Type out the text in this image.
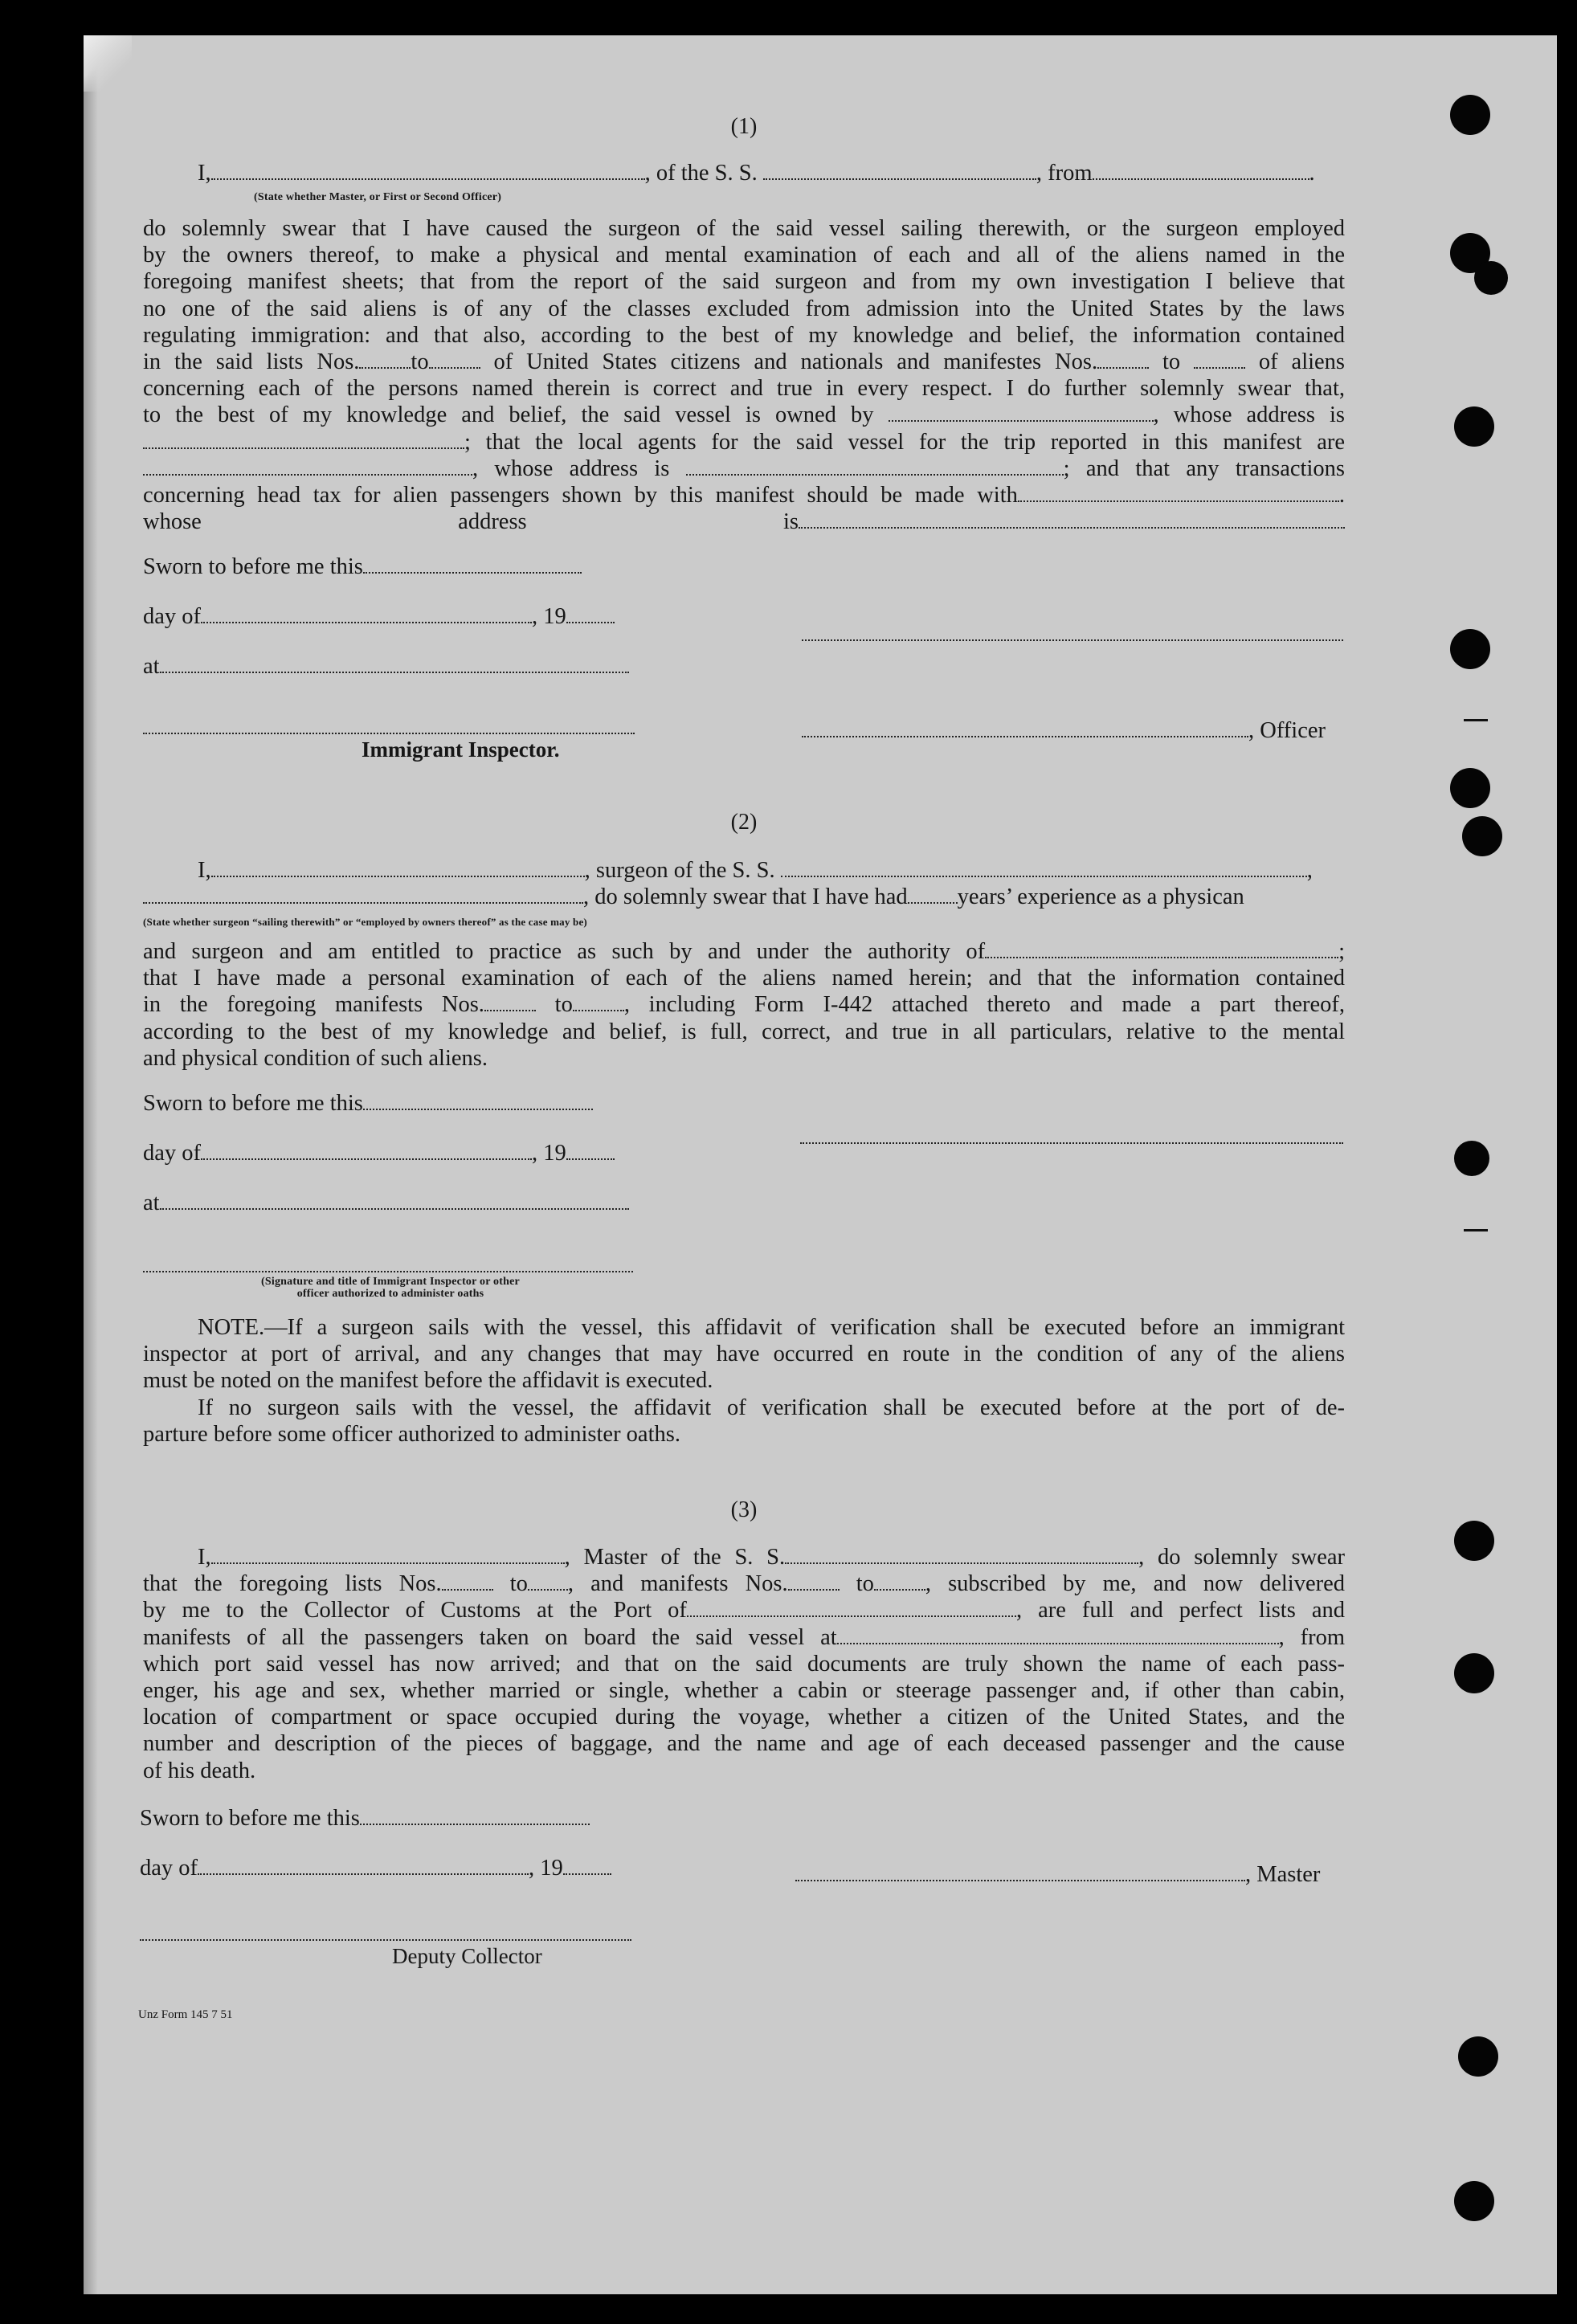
(1)
I,	, of the S. S.	, from	.
(State whether Master, or First or Second Officer)
do solemnly swear that I have caused the surgeon of the said vessel sailing therewith, or the surgeon employed
by the owners thereof, to make a physical and mental examination of each and all of the aliens named in the
foregoing manifest sheets; that from the report of the said surgeon and from my own investigation I believe that
no one of the said aliens is of any of the classes excluded from admission into the United States by the laws
regulating immigration: and that also, according to the best of my knowledge and belief, the information contained
in the said lists Nos. to	of United States citizens and nationals and manifestes Nos.	to	of aliens
concerning each of the persons named therein is correct and true in every respect. I do further solemnly swear that,
to the best of my knowledge and belief, the said vessel is owned by	, whose address is
; that the local agents for the said vessel for the trip reported in this manifest are
, whose address is	; and that any transactions
concerning head tax for alien passengers shown by this manifest should be made with	.
whose address is
Sworn to before me this
day of	, 19
at
, Officer
Immigrant Inspector.
(2)
I,	, surgeon of the S. S.	,
, do solemnly swear that I have had years’ experience as a physican
(State whether surgeon “sailing therewith” or “employed by owners thereof” as the case may be)
and surgeon and am entitled to practice as such by and under the authority of	;
that I have made a personal examination of each of the aliens named herein; and that the information contained
in the foregoing manifests Nos.	to , including Form I-442 attached thereto and made a part thereof,
according to the best of my knowledge and belief, is full, correct, and true in all particulars, relative to the mental
and physical condition of such aliens.
Sworn to before me this
day of	, 19
at
(Signature and title of Immigrant Inspector or other
officer authorized to administer oaths
NOTE.—If a surgeon sails with the vessel, this affidavit of verification shall be executed before an immigrant
inspector at port of arrival, and any changes that may have occurred en route in the condition of any of the aliens
must be noted on the manifest before the affidavit is executed.
If no surgeon sails with the vessel, the affidavit of verification shall be executed before at the port of de-
parture before some officer authorized to administer oaths.
(3)
I,	, Master of the S. S.	, do solemnly swear
that the foregoing lists Nos.	to , and manifests Nos.	to , subscribed by me, and now delivered
by me to the Collector of Customs at the Port of	, are full and perfect lists and
manifests of all the passengers taken on board the said vessel at	, from
which port said vessel has now arrived; and that on the said documents are truly shown the name of each pass-
enger, his age and sex, whether married or single, whether a cabin or steerage passenger and, if other than cabin,
location of compartment or space occupied during the voyage, whether a citizen of the United States, and the
number and description of the pieces of baggage, and the name and age of each deceased passenger and the cause
of his death.
Sworn to before me this
day of	, 19	, Master
Deputy Collector
Unz Form 145 7 51
